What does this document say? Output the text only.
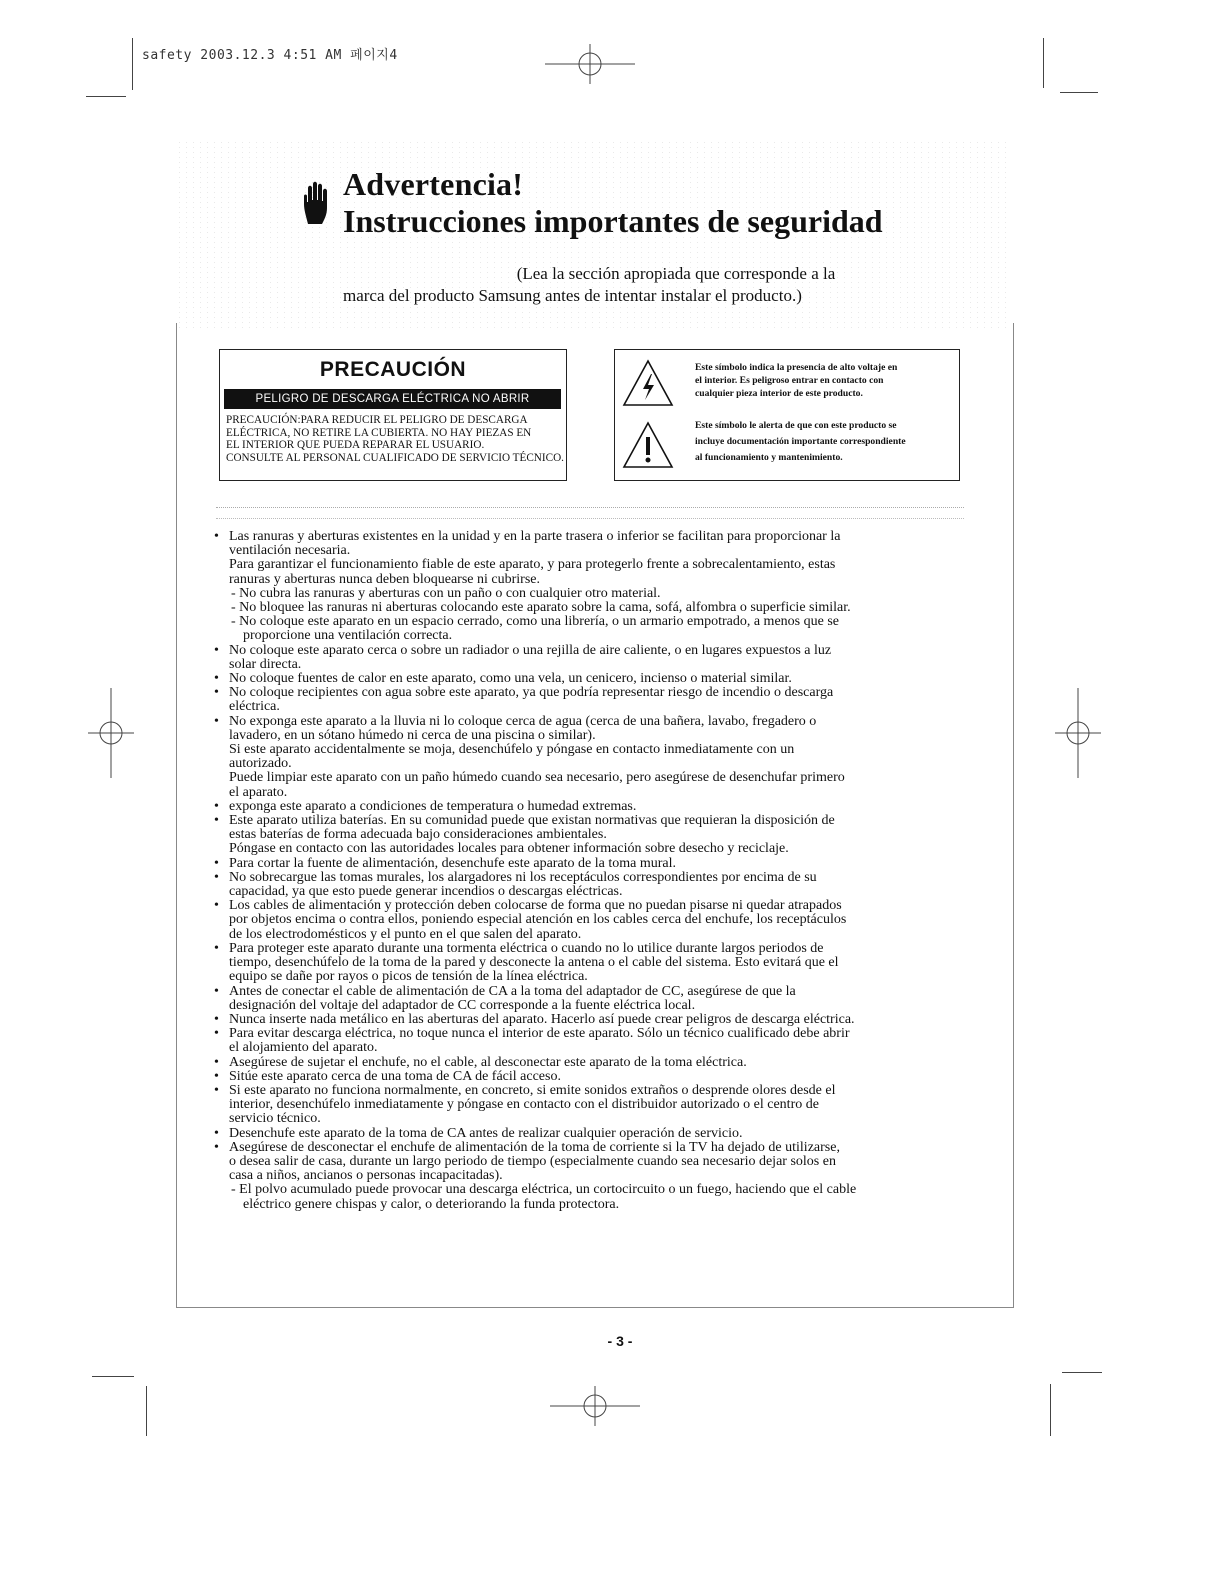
safety 2003.12.3 4:51 AM 페이지4
Advertencia!
Instrucciones importantes de seguridad
(Lea la sección apropiada que corresponde a la
marca del producto Samsung antes de intentar instalar el producto.)
PRECAUCIÓN
PELIGRO DE DESCARGA ELÉCTRICA NO ABRIR
PRECAUCIÓN:PARA REDUCIR EL PELIGRO DE DESCARGA
ELÉCTRICA, NO RETIRE LA CUBIERTA. NO HAY PIEZAS EN
EL INTERIOR QUE PUEDA REPARAR EL USUARIO.
CONSULTE AL PERSONAL CUALIFICADO DE SERVICIO TÉCNICO.
Este símbolo indica la presencia de alto voltaje en
el interior. Es peligroso entrar en contacto con
cualquier pieza interior de este producto.
Este símbolo le alerta de que con este producto se
incluye documentación importante correspondiente
al funcionamiento y mantenimiento.
• Las ranuras y aberturas existentes en la unidad y en la parte trasera o inferior se facilitan para proporcionar la
ventilación necesaria.
Para garantizar el funcionamiento fiable de este aparato, y para protegerlo frente a sobrecalentamiento, estas
ranuras y aberturas nunca deben bloquearse ni cubrirse.
- No cubra las ranuras y aberturas con un paño o con cualquier otro material.
- No bloquee las ranuras ni aberturas colocando este aparato sobre la cama, sofá, alfombra o superficie similar.
- No coloque este aparato en un espacio cerrado, como una librería, o un armario empotrado, a menos que se
proporcione una ventilación correcta.
• No coloque este aparato cerca o sobre un radiador o una rejilla de aire caliente, o en lugares expuestos a luz
solar directa.
• No coloque fuentes de calor en este aparato, como una vela, un cenicero, incienso o material similar.
• No coloque recipientes con agua sobre este aparato, ya que podría representar riesgo de incendio o descarga
eléctrica.
• No exponga este aparato a la lluvia ni lo coloque cerca de agua (cerca de una bañera, lavabo, fregadero o
lavadero, en un sótano húmedo ni cerca de una piscina o similar).
Si este aparato accidentalmente se moja, desenchúfelo y póngase en contacto inmediatamente con un
autorizado.
Puede limpiar este aparato con un paño húmedo cuando sea necesario, pero asegúrese de desenchufar primero
el aparato.
• exponga este aparato a condiciones de temperatura o humedad extremas.
• Este aparato utiliza baterías. En su comunidad puede que existan normativas que requieran la disposición de
estas baterías de forma adecuada bajo consideraciones ambientales.
Póngase en contacto con las autoridades locales para obtener información sobre desecho y reciclaje.
• Para cortar la fuente de alimentación, desenchufe este aparato de la toma mural.
• No sobrecargue las tomas murales, los alargadores ni los receptáculos correspondientes por encima de su
capacidad, ya que esto puede generar incendios o descargas eléctricas.
• Los cables de alimentación y protección deben colocarse de forma que no puedan pisarse ni quedar atrapados
por objetos encima o contra ellos, poniendo especial atención en los cables cerca del enchufe, los receptáculos
de los electrodomésticos y el punto en el que salen del aparato.
• Para proteger este aparato durante una tormenta eléctrica o cuando no lo utilice durante largos periodos de
tiempo, desenchúfelo de la toma de la pared y desconecte la antena o el cable del sistema. Esto evitará que el
equipo se dañe por rayos o picos de tensión de la línea eléctrica.
• Antes de conectar el cable de alimentación de CA a la toma del adaptador de CC, asegúrese de que la
designación del voltaje del adaptador de CC corresponde a la fuente eléctrica local.
• Nunca inserte nada metálico en las aberturas del aparato. Hacerlo así puede crear peligros de descarga eléctrica.
• Para evitar descarga eléctrica, no toque nunca el interior de este aparato. Sólo un técnico cualificado debe abrir
el alojamiento del aparato.
• Asegúrese de sujetar el enchufe, no el cable, al desconectar este aparato de la toma eléctrica.
• Sitúe este aparato cerca de una toma de CA de fácil acceso.
• Si este aparato no funciona normalmente, en concreto, si emite sonidos extraños o desprende olores desde el
interior, desenchúfelo inmediatamente y póngase en contacto con el distribuidor autorizado o el centro de
servicio técnico.
• Desenchufe este aparato de la toma de CA antes de realizar cualquier operación de servicio.
• Asegúrese de desconectar el enchufe de alimentación de la toma de corriente si la TV ha dejado de utilizarse,
o desea salir de casa, durante un largo periodo de tiempo (especialmente cuando sea necesario dejar solos en
casa a niños, ancianos o personas incapacitadas).
- El polvo acumulado puede provocar una descarga eléctrica, un cortocircuito o un fuego, haciendo que el cable
eléctrico genere chispas y calor, o deteriorando la funda protectora.
- 3 -
